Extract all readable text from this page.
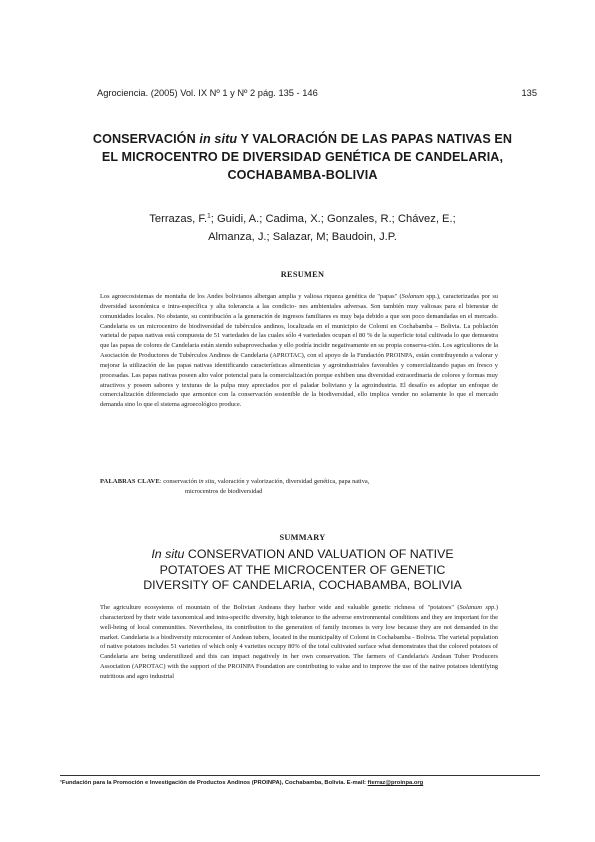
Agrociencia. (2005) Vol. IX Nº 1 y Nº 2 pág. 135 - 146	135
CONSERVACIÓN in situ Y VALORACIÓN DE LAS PAPAS NATIVAS EN
EL MICROCENTRO DE DIVERSIDAD GENÉTICA DE CANDELARIA,
COCHABAMBA-BOLIVIA
Terrazas, F.$^1$; Guidi, A.; Cadima, X.; Gonzales, R.; Chávez, E.;
Almanza, J.; Salazar, M; Baudoin, J.P.
RESUMEN

Los agroecosistemas de montaña de los Andes bolivianos albergan amplia y valiosa riqueza genética de "papas" (Solanum spp.), caracterizadas por su diversidad taxonómica e intra-específica y alta tolerancia a las condicio- nes ambientales adversas. Son también muy valiosas para el bienestar de comunidades locales. No obstante, su contribución a la generación de ingresos familiares es muy baja debido a que son poco demandadas en el mercado. Candelaria es un microcentro de biodiversidad de tubérculos andinos, localizada en el municipio de Colomi en Cochabamba – Bolivia. La población varietal de papas nativas está compuesta de 51 variedades de las cuales sólo 4 variedades ocupan el 80 % de la superficie total cultivada lo que demuestra que las papas de colores de Candelaria están siendo subaprovechadas y ello podría incidir negativamente en su propia conserva-ción. Los agricultores de la Asociación de Productores de Tubérculos Andinos de Candelaria (APROTAC), con el apoyo de la Fundación PROINPA, están contribuyendo a valorar y mejorar la utilización de las papas nativas identificando características alimenticias y agroindustriales favorables y comercializando papas en fresco y procesadas. Las papas nativas poseen alto valor potencial para la comercialización porque exhiben una diversidad extraordinaria de colores y formas muy atractivos y poseen sabores y texturas de la pulpa muy apreciados por el paladar boliviano y la agroindustria. El desafío es adoptar un enfoque de comercialización diferenciado que armonice con la conservación sostenible de la biodiversidad, ello implica vender no solamente lo que el mercado demanda sino lo que el sistema agroecológico produce.

PALABRAS CLAVE: conservación in situ, valoración y valorización, diversidad genética, papa nativa,
microcentros de biodiversidad
SUMMARY
In situ CONSERVATION AND VALUATION OF NATIVE
POTATOES AT THE MICROCENTER OF GENETIC
DIVERSITY OF CANDELARIA, COCHABAMBA, BOLIVIA

The agriculture ecosystems of mountain of the Bolivian Andeans they harbor wide and valuable genetic richness of "potatoes" (Solanum spp.) characterized by their wide taxonomical and intra-specific diversity, high tolerance to the adverse environmental conditions and they are important for the well-being of local communities. Nevertheless, its contribution to the generation of family incomes is very low because they are not demanded in the market. Candelaria is a biodiversity microcenter of Andean tubers, located in the municipality of Colomi in Cochabamba - Bolivia. The varietal population of native potatoes includes 51 varieties of which only 4 varieties occupy 80% of the total cultivated surface what demonstrates that the colored potatoes of Candelaria are being underutilized and this can impact negatively in her own conservation. The farmers of Candelaria's Andean Tuber Producers Association (APROTAC) with the support of the PROINPA Foundation are contributing to value and to improve the use of the native potatoes identifying nutritious and agro industrial

¹Fundación para la Promoción e Investigación de Productos Andinos (PROINPA), Cochabamba, Bolivia. E-mail: fterraz@proinpa.org
